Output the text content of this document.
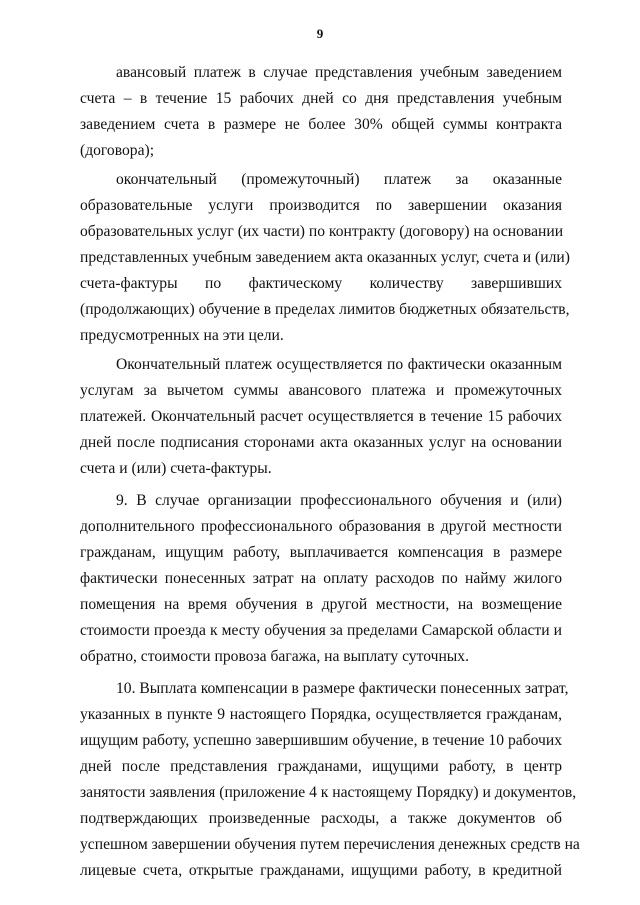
9
авансовый платеж в случае представления учебным заведением
счета – в течение 15 рабочих дней со дня представления учебным
заведением счета в размере не более 30% общей суммы контракта
(договора);
окончательный (промежуточный) платеж за оказанные
образовательные услуги производится по завершении оказания
образовательных услуг (их части) по контракту (договору) на основании
представленных учебным заведением акта оказанных услуг, счета и (или)
счета-фактуры по фактическому количеству завершивших
(продолжающих) обучение в пределах лимитов бюджетных обязательств,
предусмотренных на эти цели.
Окончательный платеж осуществляется по фактически оказанным
услугам за вычетом суммы авансового платежа и промежуточных
платежей. Окончательный расчет осуществляется в течение 15 рабочих
дней после подписания сторонами акта оказанных услуг на основании
счета и (или) счета-фактуры.
9. В случае организации профессионального обучения и (или)
дополнительного профессионального образования в другой местности
гражданам, ищущим работу, выплачивается компенсация в размере
фактически понесенных затрат на оплату расходов по найму жилого
помещения на время обучения в другой местности, на возмещение
стоимости проезда к месту обучения за пределами Самарской области и
обратно, стоимости провоза багажа, на выплату суточных.
10. Выплата компенсации в размере фактически понесенных затрат,
указанных в пункте 9 настоящего Порядка, осуществляется гражданам,
ищущим работу, успешно завершившим обучение, в течение 10 рабочих
дней после представления гражданами, ищущими работу, в центр
занятости заявления (приложение 4 к настоящему Порядку) и документов,
подтверждающих произведенные расходы, а также документов об
успешном завершении обучения путем перечисления денежных средств на
лицевые счета, открытые гражданами, ищущими работу, в кредитной
